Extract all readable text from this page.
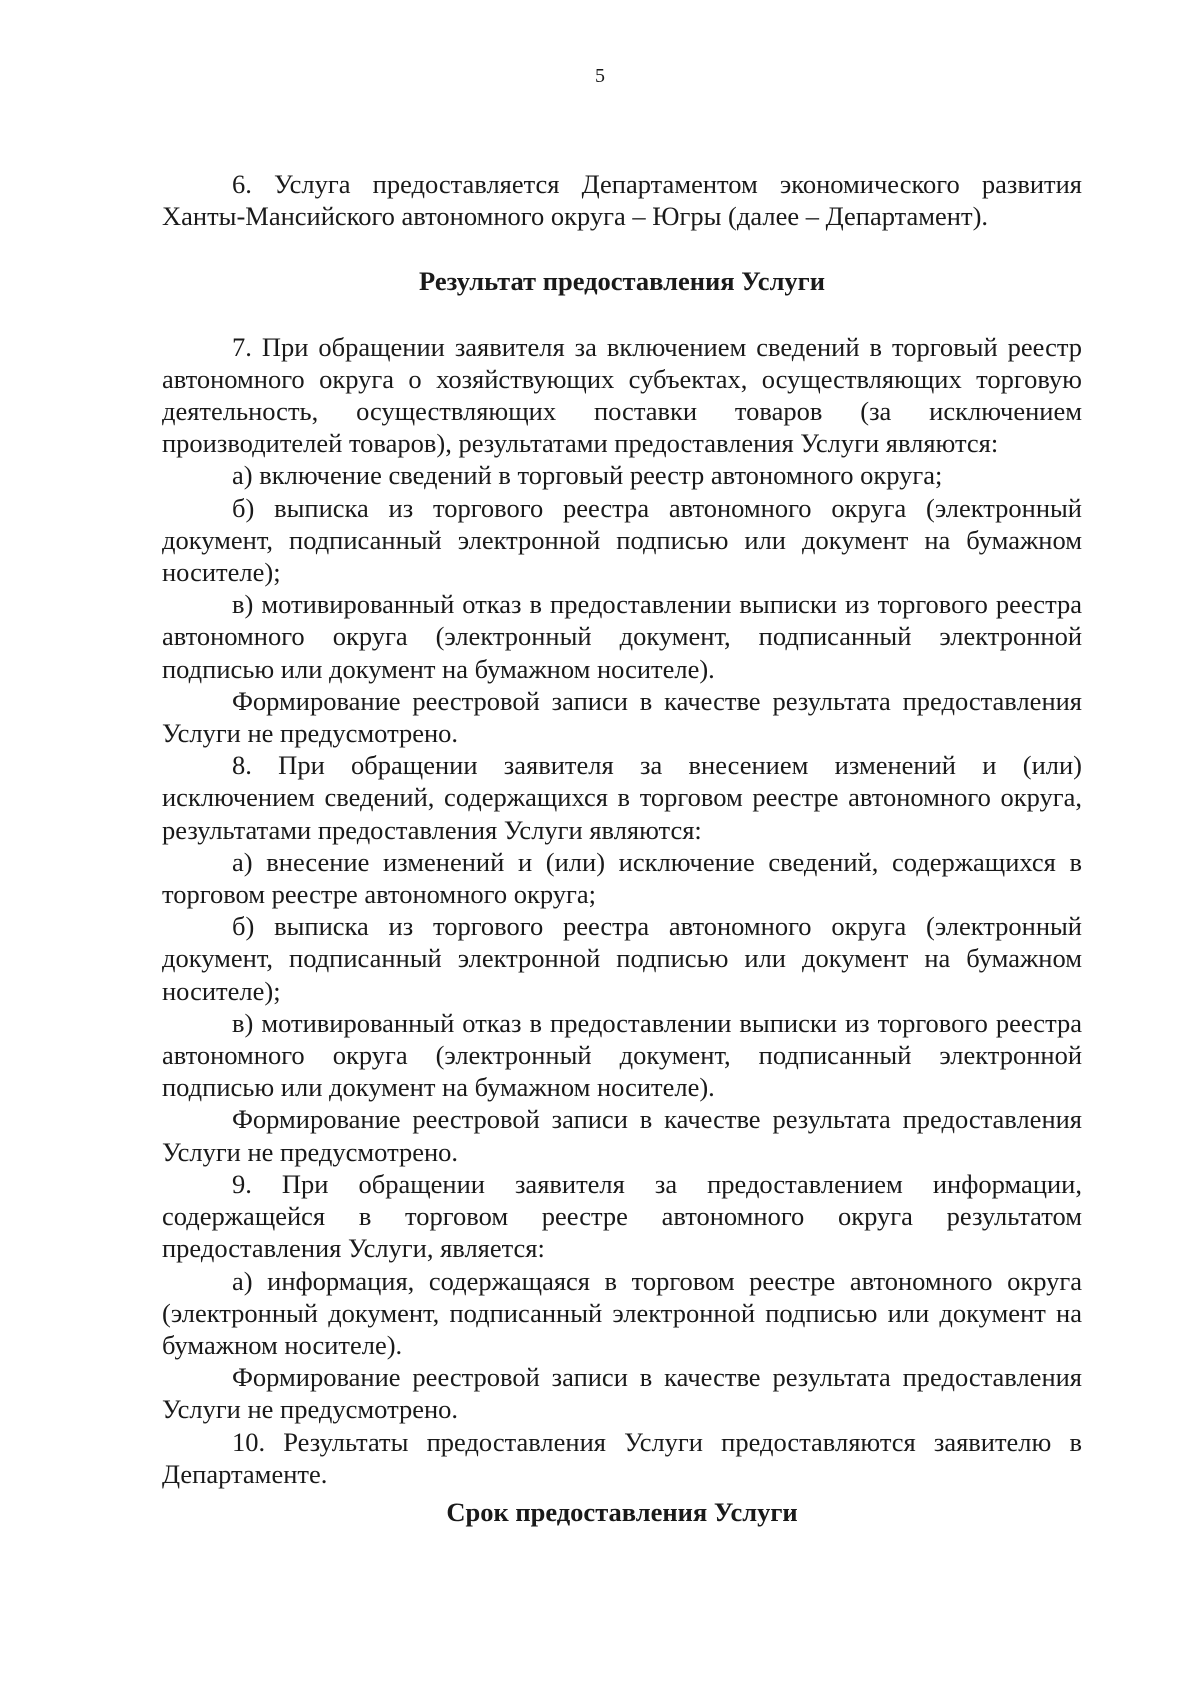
5

6. Услуга предоставляется Департаментом экономического развития Ханты-Мансийского автономного округа – Югры (далее – Департамент).

Результат предоставления Услуги

7. При обращении заявителя за включением сведений в торговый реестр автономного округа о хозяйствующих субъектах, осуществляющих торговую деятельность, осуществляющих поставки товаров (за исключением производителей товаров), результатами предоставления Услуги являются:

а) включение сведений в торговый реестр автономного округа;

б) выписка из торгового реестра автономного округа (электронный документ, подписанный электронной подписью или документ на бумажном носителе);

в) мотивированный отказ в предоставлении выписки из торгового реестра автономного округа (электронный документ, подписанный электронной подписью или документ на бумажном носителе).

Формирование реестровой записи в качестве результата предоставления Услуги не предусмотрено.

8. При обращении заявителя за внесением изменений и (или) исключением сведений, содержащихся в торговом реестре автономного округа, результатами предоставления Услуги являются:

а) внесение изменений и (или) исключение сведений, содержащихся в торговом реестре автономного округа;

б) выписка из торгового реестра автономного округа (электронный документ, подписанный электронной подписью или документ на бумажном носителе);

в) мотивированный отказ в предоставлении выписки из торгового реестра автономного округа (электронный документ, подписанный электронной подписью или документ на бумажном носителе).

Формирование реестровой записи в качестве результата предоставления Услуги не предусмотрено.

9. При обращении заявителя за предоставлением информации, содержащейся в торговом реестре автономного округа результатом предоставления Услуги, является:

а) информация, содержащаяся в торговом реестре автономного округа (электронный документ, подписанный электронной подписью или документ на бумажном носителе).

Формирование реестровой записи в качестве результата предоставления Услуги не предусмотрено.

10. Результаты предоставления Услуги предоставляются заявителю в Департаменте.

Срок предоставления Услуги
